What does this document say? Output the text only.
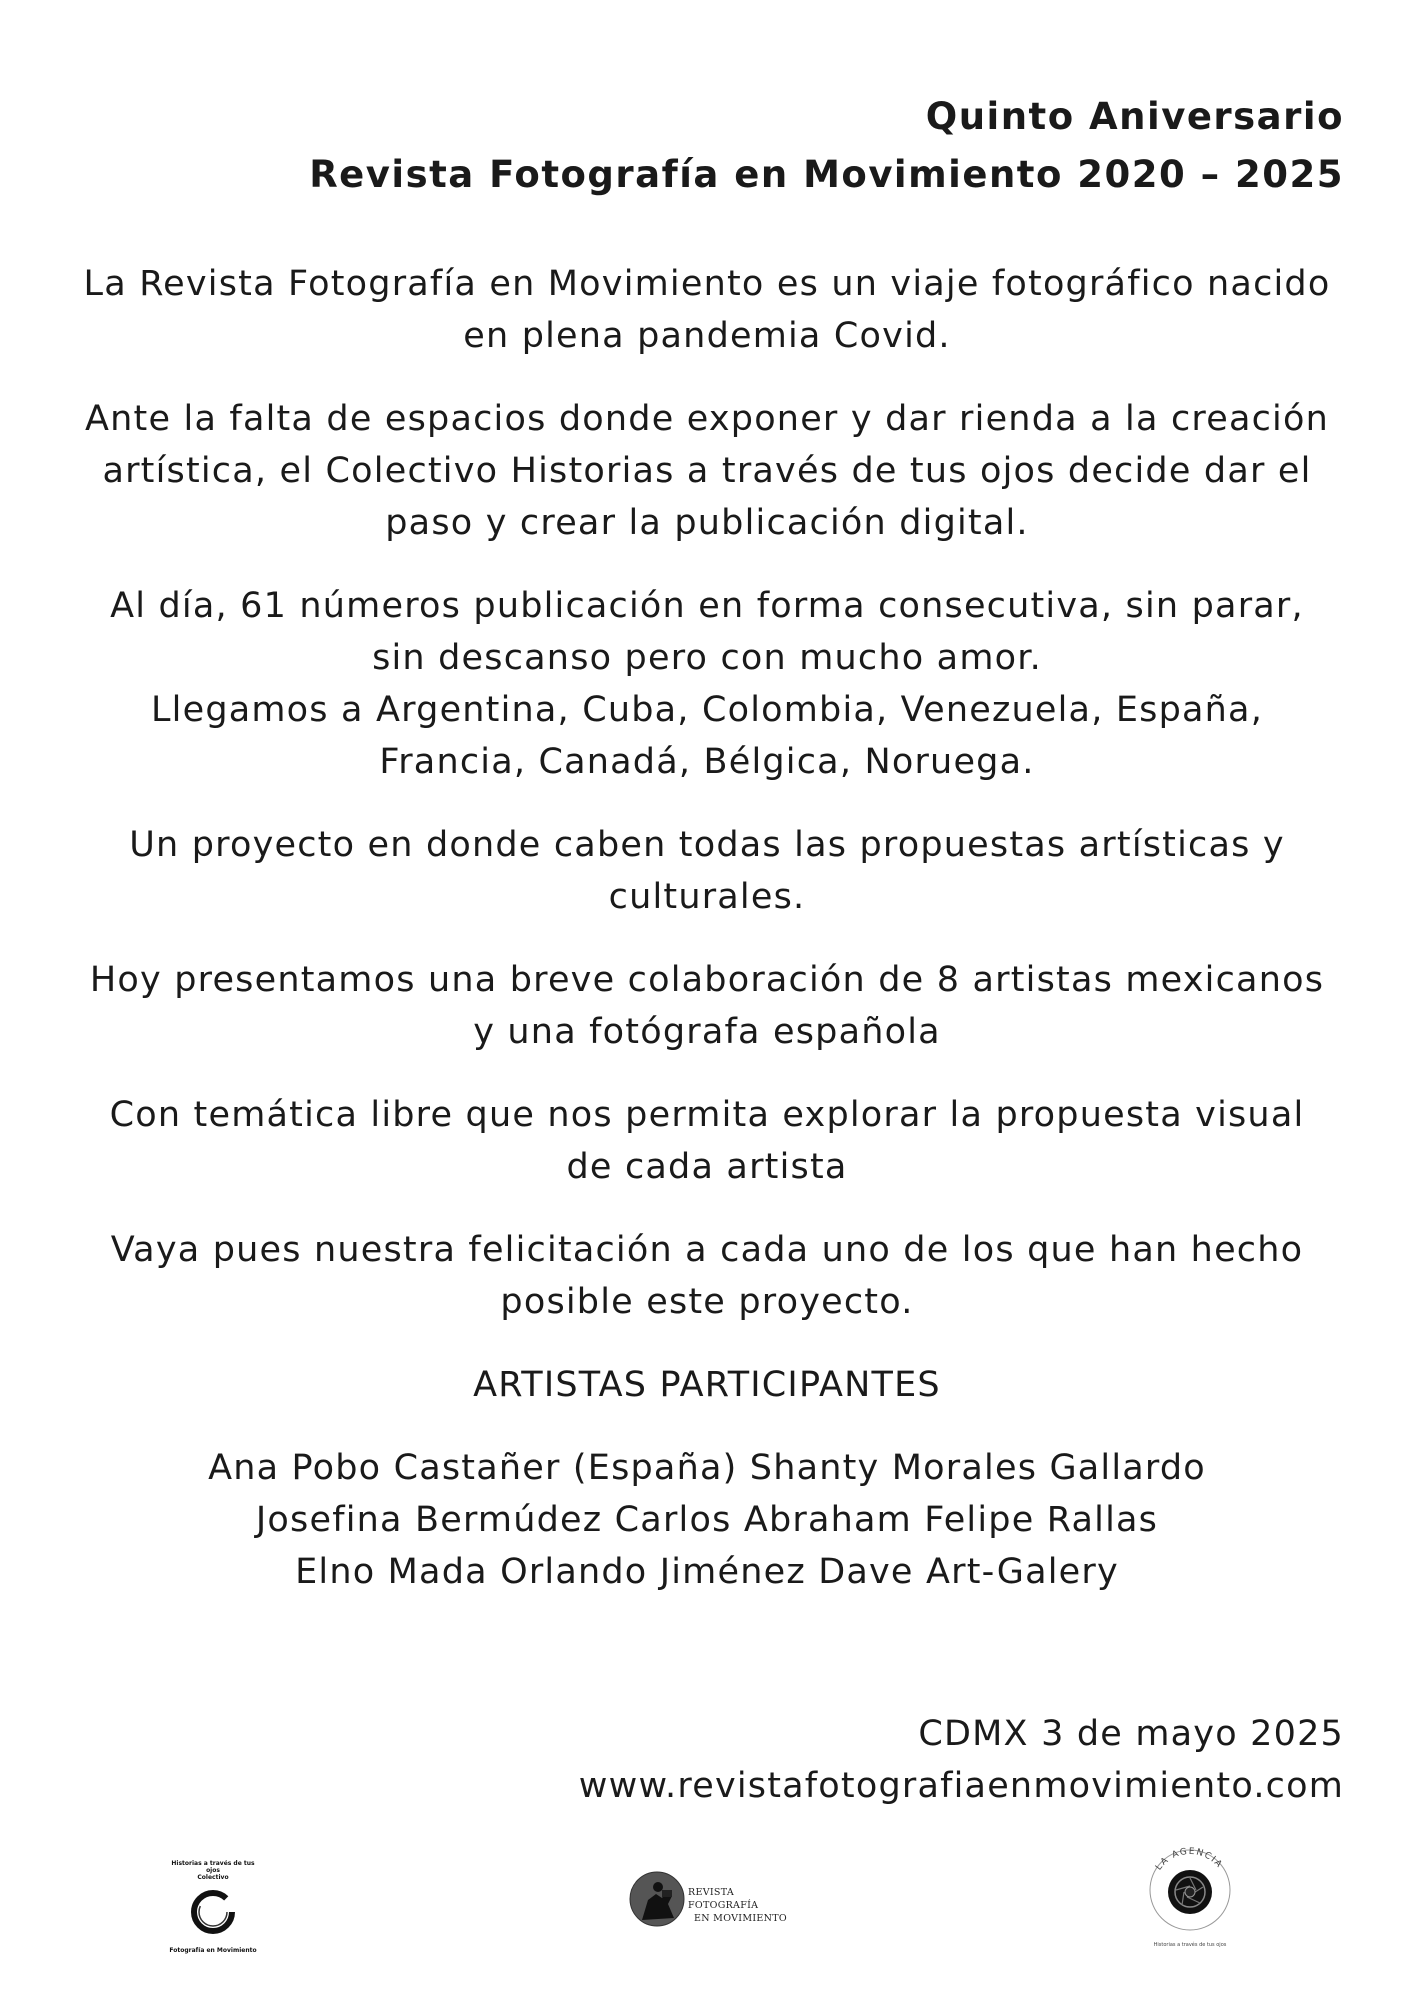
Quinto Aniversario
Revista Fotografía en Movimiento 2020 – 2025

La Revista Fotografía en Movimiento es un viaje fotográfico nacido
en plena pandemia Covid.

Ante la falta de espacios donde exponer y dar rienda a la creación
artística, el Colectivo Historias a través de tus ojos decide dar el
paso y crear la publicación digital.

Al día, 61 números publicación en forma consecutiva, sin parar,
sin descanso pero con mucho amor.
Llegamos a Argentina, Cuba, Colombia, Venezuela, España,
Francia, Canadá, Bélgica, Noruega.

Un proyecto en donde caben todas las propuestas artísticas y
culturales.

Hoy presentamos una breve colaboración de 8 artistas mexicanos
y una fotógrafa española

Con temática libre que nos permita explorar la propuesta visual
de cada artista

Vaya pues nuestra felicitación a cada uno de los que han hecho
posible este proyecto.

ARTISTAS PARTICIPANTES

Ana Pobo Castañer (España) Shanty Morales Gallardo

Josefina Bermúdez Carlos Abraham Felipe Rallas

Elno Mada Orlando Jiménez Dave Art-Galery

CDMX 3 de mayo 2025
www.revistafotografiaenmovimiento.com
Historias a través de tus ojos
Colectivo
Fotografía en Movimiento
REVISTA FOTOGRAFÍA
EN MOVIMIENTO
LA AGENCIA
Historias a través de tus ojos
